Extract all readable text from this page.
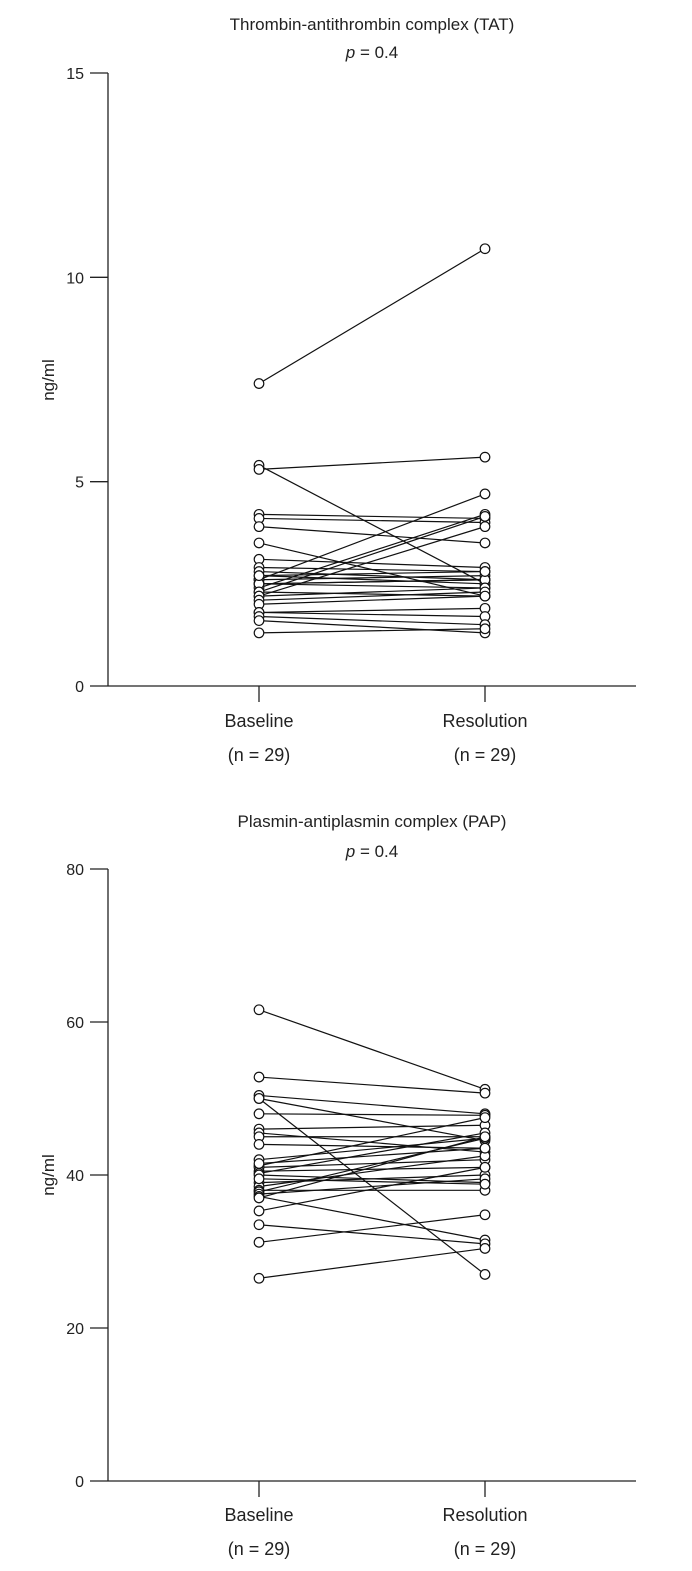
Thrombin-antithrombin complex (TAT)
p = 0.4
0
5
10
15
ng/ml
Baseline
(n = 29)
Resolution
(n = 29)
Plasmin-antiplasmin complex (PAP)
p = 0.4
0
20
40
60
80
ng/ml
Baseline
(n = 29)
Resolution
(n = 29)
